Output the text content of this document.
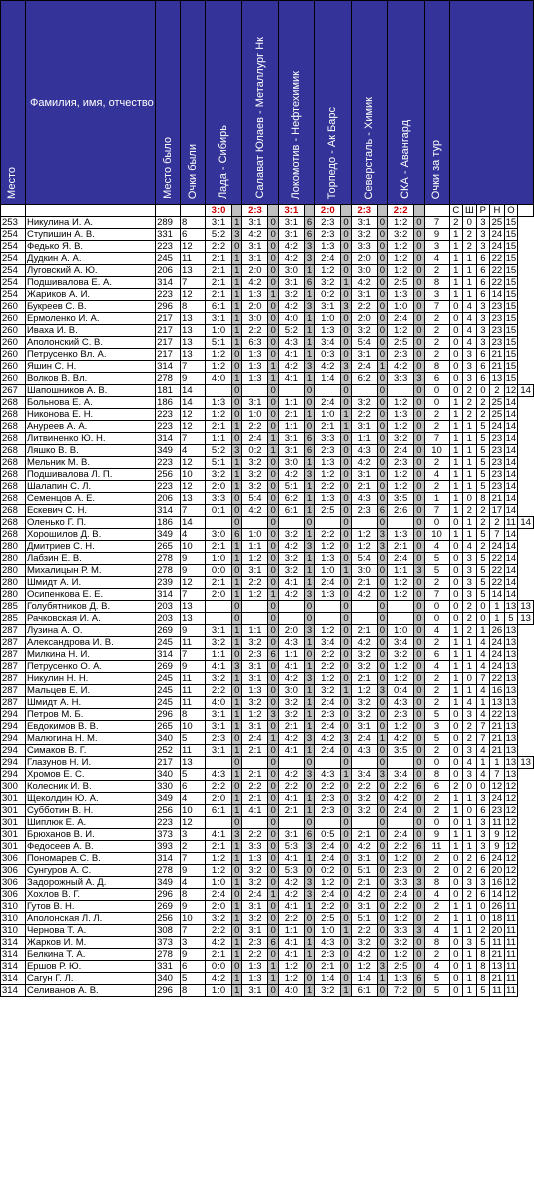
Место	Фамилия, имя, отчество	Место было	Очки были	Лада - Сибирь		Салават Юлаев - Металлург Нк		Локомотив - Нефтехимик		Торпедо - Ак Барс		Северсталь - Химик		СКА - Авангард		Очки за тур						
				3:0		2:3		3:1		2:0		2:3		2:2			С	Ш	Р	Н	О	
253	Никулина И. А.	289	8	3:1	1	3:1	0	3:1	6	2:3	0	3:1	0	1:2	0	7	2	0	3	25	15	
254	Ступишин А. В.	331	6	5:2	3	4:2	0	3:1	6	2:3	0	3:2	0	3:2	0	9	1	2	3	24	15	
254	Федько Я. В.	223	12	2:2	0	3:1	0	4:2	3	1:3	0	3:3	0	1:2	0	3	1	2	3	24	15	
254	Дудкин А. А.	245	11	2:1	1	3:1	0	4:2	3	2:4	0	2:0	0	1:2	0	4	1	1	6	22	15	
254	Луговский А. Ю.	206	13	2:1	1	2:0	0	3:0	1	1:2	0	3:0	0	1:2	0	2	1	1	6	22	15	
254	Подшивалова Е. А.	314	7	2:1	1	4:2	0	3:1	6	3:2	1	4:2	0	2:5	0	8	1	1	6	22	15	
254	Жариков А. И.	223	12	2:1	1	1:3	1	3:2	1	0:2	0	3:1	0	1:3	0	3	1	1	6	14	15	
260	Букреев С. В.	296	8	6:1	1	2:0	0	4:2	3	3:1	3	2:2	0	1:0	0	7	0	4	3	23	15	
260	Ермоленко И. А.	217	13	3:1	1	3:0	0	4:0	1	1:0	0	2:0	0	2:4	0	2	0	4	3	23	15	
260	Ивaха И. В.	217	13	1:0	1	2:2	0	5:2	1	1:3	0	3:2	0	1:2	0	2	0	4	3	23	15	
260	Аполонский С. В.	217	13	5:1	1	6:3	0	4:3	1	3:4	0	5:4	0	2:5	0	2	0	4	3	23	15	
260	Петрусенко Вл. А.	217	13	1:2	0	1:3	0	4:1	1	0:3	0	3:1	0	2:3	0	2	0	3	6	21	15	
260	Яшин С. Н.	314	7	1:2	0	1:3	1	4:2	3	4:2	3	2:4	1	4:2	0	8	0	3	6	21	15	
260	Волков В. Вл.	278	9	4:0	1	1:3	1	4:1	1	1:4	0	6:2	0	3:3	3	6	0	3	6	13	15	
267	Шапошников А. В.	181	14		0		0		0		0		0		0	0	0	2	0	2	12	14
268	Больнова Е. А.	186	14	1:3	0	3:1	0	1:1	0	2:4	0	3:2	0	1:2	0	0	1	2	2	25	14	
268	Никонова Е. Н.	223	12	1:2	0	1:0	0	2:1	1	1:0	1	2:2	0	1:3	0	2	1	2	2	25	14	
268	Ануреев А. А.	223	12	2:1	1	2:2	0	1:1	0	2:1	1	3:1	0	1:2	0	2	1	1	5	24	14	
268	Литвиненко Ю. Н.	314	7	1:1	0	2:4	1	3:1	6	3:3	0	1:1	0	3:2	0	7	1	1	5	23	14	
268	Ляшко В. В.	349	4	5:2	3	0:2	1	3:1	6	2:3	0	4:3	0	2:4	0	10	1	1	5	23	14	
268	Мельник М. В.	223	12	5:1	1	3:2	0	3:0	1	1:3	0	4:2	0	2:3	0	2	1	1	5	23	14	
268	Подшивалова Л. П.	256	10	3:2	1	3:2	0	4:2	3	1:2	0	3:1	0	1:2	0	4	1	1	5	23	14	
268	Шалапин С. Л.	223	12	2:0	1	3:2	0	5:1	1	2:2	0	2:1	0	1:2	0	2	1	1	5	23	14	
268	Семенцов А. Е.	206	13	3:3	0	5:4	0	6:2	1	1:3	0	4:3	0	3:5	0	1	1	0	8	21	14	
268	Ескевич С. Н.	314	7	0:1	0	4:2	0	6:1	1	2:5	0	2:3	6	2:6	0	7	1	2	2	17	14	
268	Оленько Г. П.	186	14		0		0		0		0		0		0	0	0	1	2	2	11	14
268	Хорошилов Д. В.	349	4	3:0	6	1:0	0	3:2	1	2:2	0	1:2	3	1:3	0	10	1	1	5	7	14	
280	Дмитриев С. Н.	265	10	2:1	1	1:1	0	4:2	3	1:2	0	1:2	3	2:1	0	4	0	4	2	24	14	
280	Лабзин Е. В.	278	9	1:0	1	1:2	0	3:2	1	1:3	0	5:4	0	2:4	0	5	0	3	5	22	14	
280	Михалицын Р. М.	278	9	0:0	0	3:1	0	3:2	1	1:0	1	3:0	0	1:1	3	5	0	3	5	22	14	
280	Шмидт А. И.	239	12	2:1	1	2:2	0	4:1	1	2:4	0	2:1	0	1:2	0	2	0	3	5	22	14	
280	Осипенкова Е. Е.	314	7	2:0	1	1:2	1	4:2	3	1:3	0	4:2	0	1:2	0	7	0	3	5	14	14	
285	Голубятников Д. В.	203	13		0		0		0		0		0		0	0	0	2	0	1	13	13
285	Рачковская И. А.	203	13		0		0		0		0		0		0	0	0	2	0	1	5	13
287	Лузина А. О.	269	9	3:1	1	1:1	0	2:0	3	1:2	0	2:1	0	1:0	0	4	1	2	1	26	13	
287	Александрова И. В.	245	11	3:2	1	3:2	0	4:3	1	3:4	0	4:2	0	3:4	0	2	1	1	4	24	13	
287	Милкина Н. И.	314	7	1:1	0	2:3	6	1:1	0	2:2	0	3:2	0	3:2	0	6	1	1	4	24	13	
287	Петрусенко О. А.	269	9	4:1	3	3:1	0	4:1	1	2:2	0	3:2	0	1:2	0	4	1	1	4	24	13	
287	Никулин Н. Н.	245	11	3:2	1	3:1	0	4:2	3	1:2	0	2:1	0	1:2	0	2	1	0	7	22	13	
287	Мальцев Е. И.	245	11	2:2	0	1:3	0	3:0	1	3:2	1	1:2	3	0:4	0	2	1	1	4	16	13	
287	Шмидт А. Н.	245	11	4:0	1	3:2	0	3:2	1	2:4	0	3:2	0	4:3	0	2	1	4	1	13	13	
294	Петров М. Б.	296	8	3:1	1	1:2	3	3:2	1	2:3	0	3:2	0	2:3	0	5	0	3	4	22	13	
294	Евдокимов В. В.	265	10	3:1	1	3:1	0	2:1	1	2:4	0	3:1	0	1:2	0	3	0	2	7	21	13	
294	Малюгина Н. М.	340	5	2:3	0	2:4	1	4:2	3	4:2	3	2:4	1	4:2	0	5	0	2	7	21	13	
294	Симаков В. Г.	252	11	3:1	1	2:1	0	4:1	1	2:4	0	4:3	0	3:5	0	2	0	3	4	21	13	
294	Глазунов Н. И.	217	13		0		0		0		0		0		0	0	0	4	1	1	13	13
294	Хромов Е. С.	340	5	4:3	1	2:1	0	4:2	3	4:3	1	3:4	3	3:4	0	8	0	3	4	7	13	
300	Колесник И. В.	330	6	2:2	0	2:2	0	2:2	0	2:2	0	2:2	0	2:2	6	6	2	0	0	12	12	
301	Щеколдин Ю. А.	349	4	2:0	1	2:1	0	4:1	1	2:3	0	3:2	0	4:2	0	2	1	1	3	24	12	
301	Субботин В. Н.	256	10	6:1	1	4:1	0	2:1	1	2:3	0	3:2	0	2:4	0	2	1	0	6	23	12	
301	Шиплюк Е. А.	223	12		0		0		0		0		0		0	0	0	1	3	11	12	
301	Брюханов В. И.	373	3	4:1	3	2:2	0	3:1	6	0:5	0	2:1	0	2:4	0	9	1	1	3	9	12	
301	Федосеев А. В.	393	2	2:1	1	3:3	0	5:3	3	2:4	0	4:2	0	2:2	6	11	1	1	3	9	12	
306	Пономарев С. В.	314	7	1:2	1	1:3	0	4:1	1	2:4	0	3:1	0	1:2	0	2	0	2	6	24	12	
306	Сунгуров А. С.	278	9	1:2	0	3:2	0	5:3	0	0:2	0	5:1	0	2:3	0	2	0	2	6	20	12	
306	Задорожный А. Д.	349	4	1:0	1	3:2	0	4:2	3	1:2	0	2:1	0	3:3	3	8	0	3	3	16	12	
306	Хохлов В. Г.	296	8	2:4	0	2:4	1	4:2	3	2:4	0	4:2	0	2:4	0	4	0	2	6	14	12	
310	Гутов В. Н.	269	9	2:0	1	3:1	0	4:1	1	2:2	0	3:1	0	2:2	0	2	1	1	0	26	11	
310	Аполонская Л. Л.	256	10	3:2	1	3:2	0	2:2	0	2:5	0	5:1	0	1:2	0	2	1	1	0	18	11	
310	Чернова Т. А.	308	7	2:2	0	3:1	0	1:1	0	1:0	1	2:2	0	3:3	3	4	1	1	2	20	11	
314	Жарков И. М.	373	3	4:2	1	2:3	6	4:1	1	4:3	0	3:2	0	3:2	0	8	0	3	5	11	11	
314	Белкина Т. А.	278	9	2:1	1	2:2	0	4:1	1	2:3	0	4:2	0	1:2	0	2	0	1	8	21	11	
314	Ершов Р. Ю.	331	6	0:0	0	1:3	1	1:2	0	2:1	0	1:2	3	2:5	0	4	0	1	8	13	11	
314	Сагун Г. Л.	340	5	4:2	1	1:3	1	1:2	0	1:4	0	1:4	1	1:3	6	5	0	1	8	21	11	
314	Селиванов А. В.	296	8	1:0	1	3:1	0	4:0	1	3:2	1	6:1	0	7:2	0	5	0	1	5	11	11	
